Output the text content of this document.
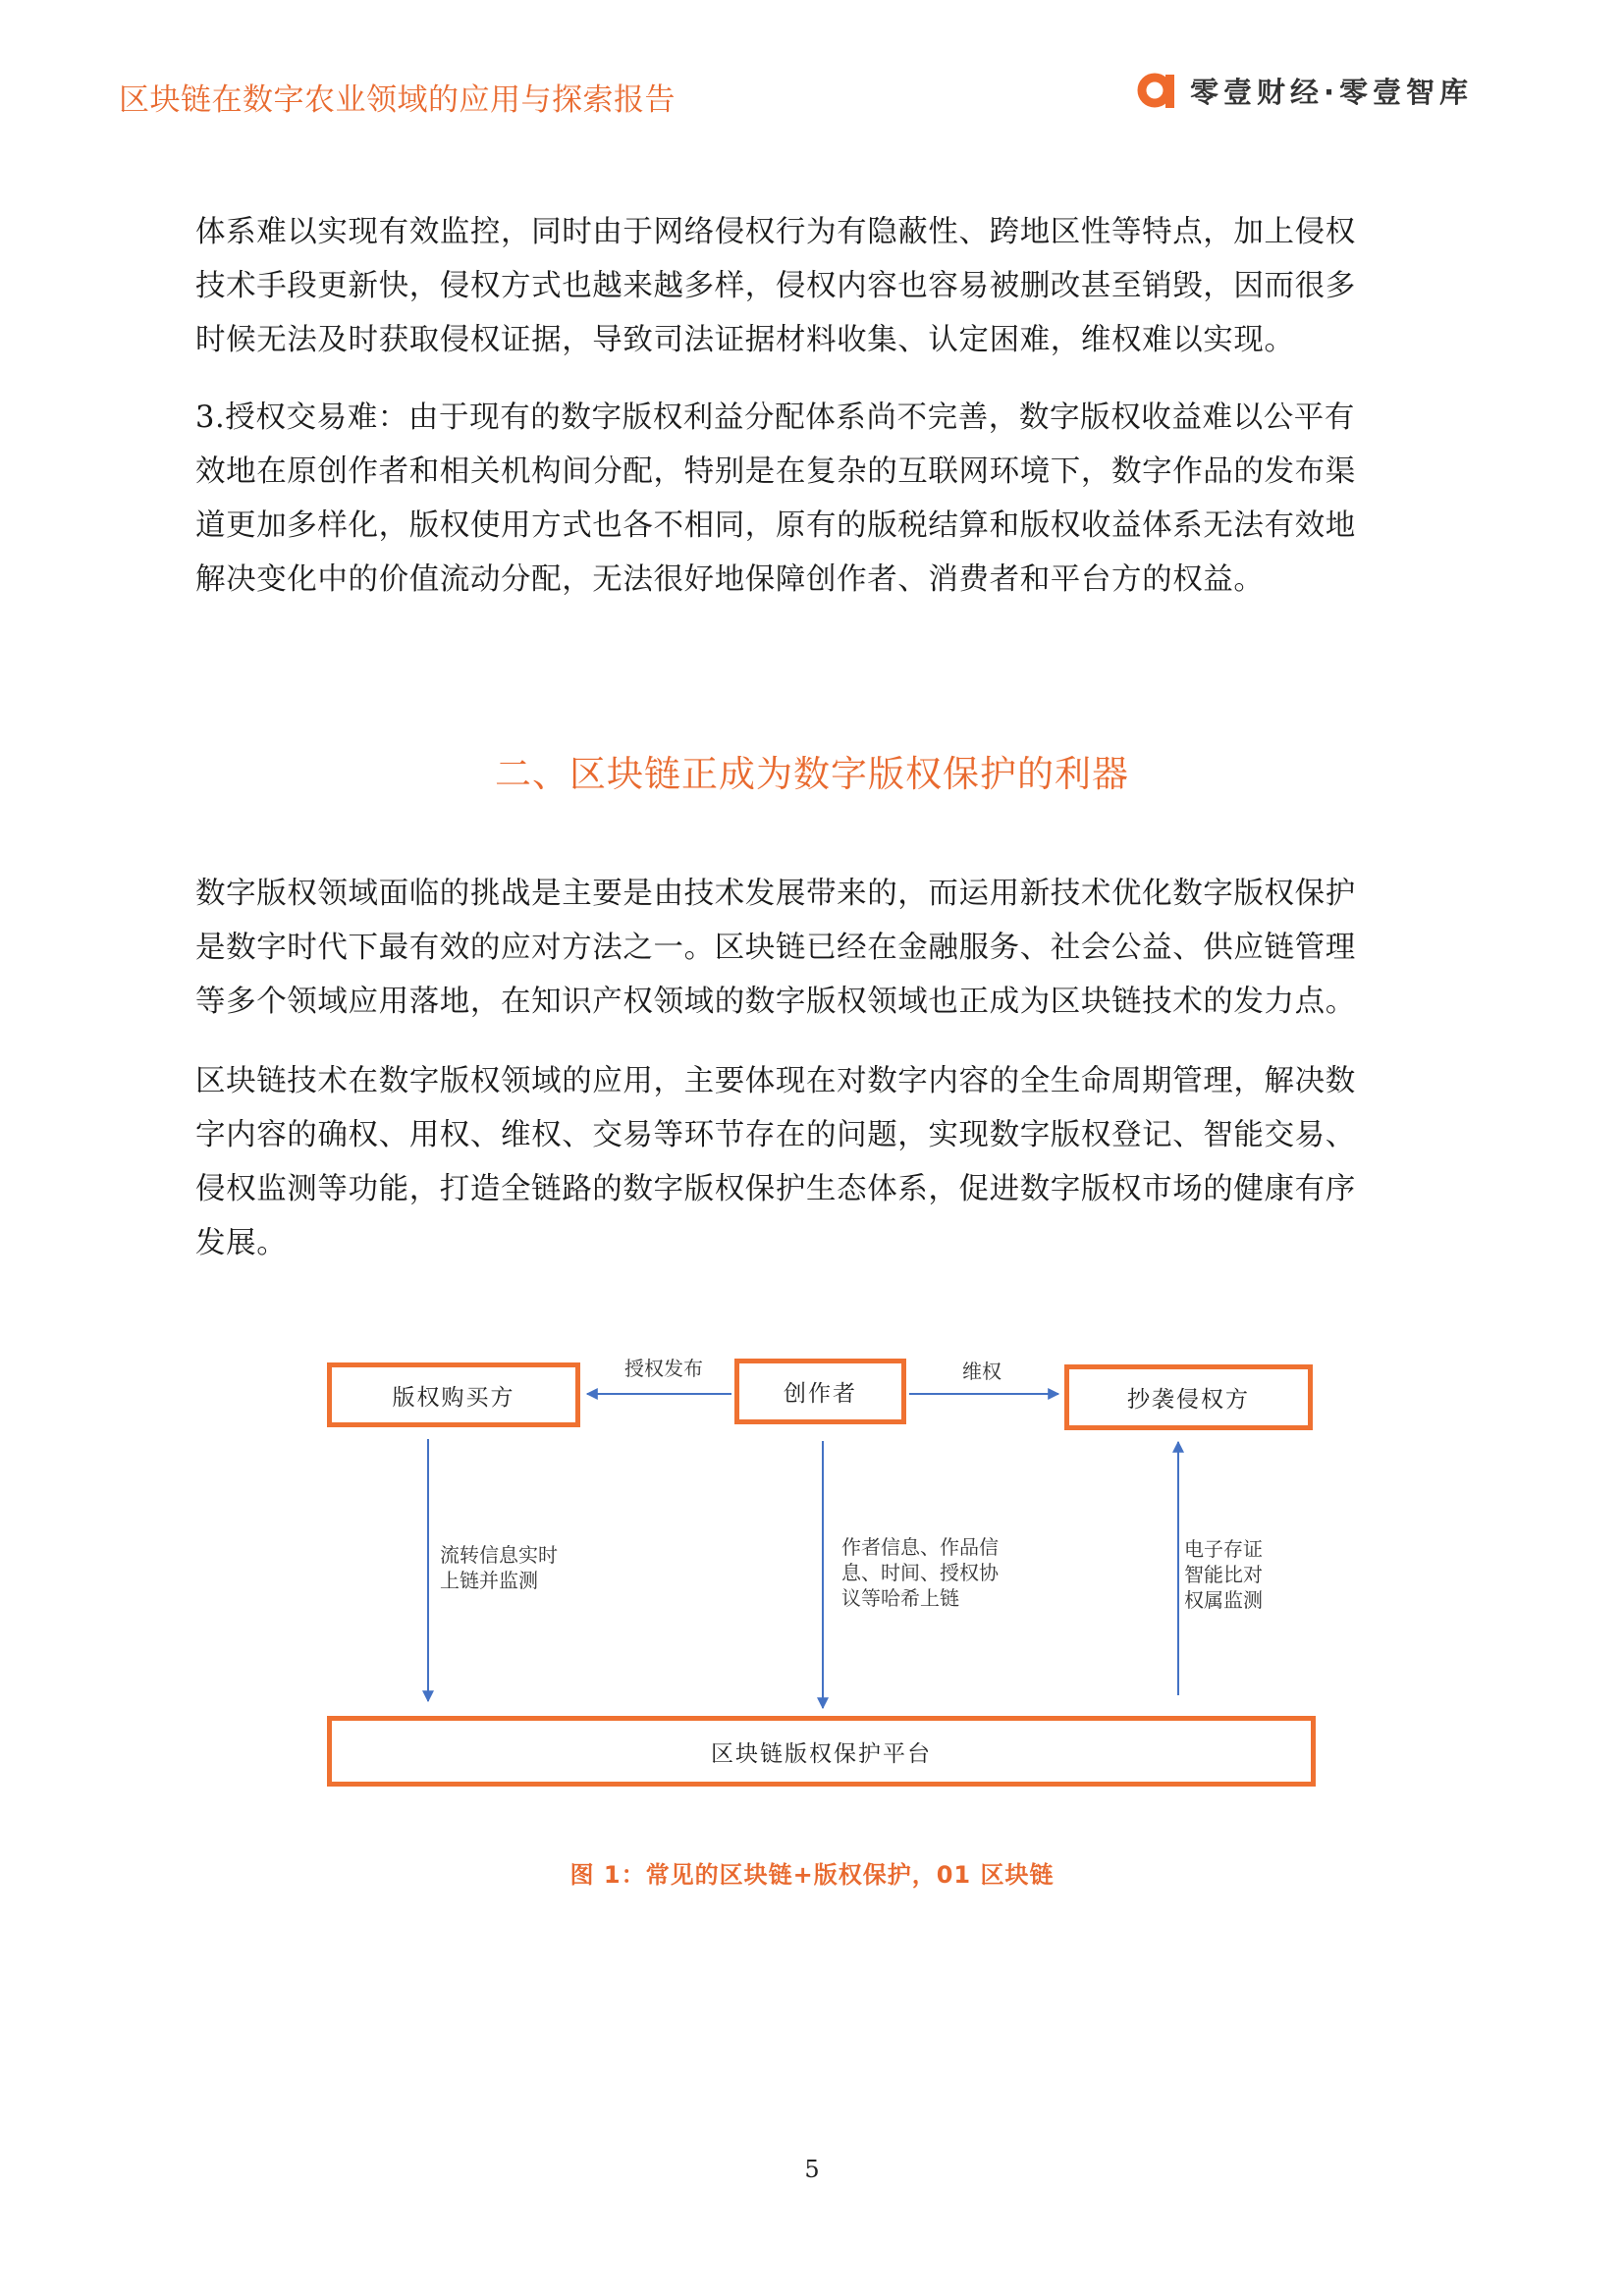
区块链在数字农业领域的应用与探索报告	零壹财经·零壹智库
体系难以实现有效监控，同时由于网络侵权行为有隐蔽性、跨地区性等特点，加上侵权
技术手段更新快，侵权方式也越来越多样，侵权内容也容易被删改甚至销毁，因而很多
时候无法及时获取侵权证据，导致司法证据材料收集、认定困难，维权难以实现。
3.授权交易难：由于现有的数字版权利益分配体系尚不完善，数字版权收益难以公平有
效地在原创作者和相关机构间分配，特别是在复杂的互联网环境下，数字作品的发布渠
道更加多样化，版权使用方式也各不相同，原有的版税结算和版权收益体系无法有效地
解决变化中的价值流动分配，无法很好地保障创作者、消费者和平台方的权益。
二、区块链正成为数字版权保护的利器
数字版权领域面临的挑战是主要是由技术发展带来的，而运用新技术优化数字版权保护
是数字时代下最有效的应对方法之一。区块链已经在金融服务、社会公益、供应链管理
等多个领域应用落地，在知识产权领域的数字版权领域也正成为区块链技术的发力点。
区块链技术在数字版权领域的应用，主要体现在对数字内容的全生命周期管理，解决数
字内容的确权、用权、维权、交易等环节存在的问题，实现数字版权登记、智能交易、
侵权监测等功能，打造全链路的数字版权保护生态体系，促进数字版权市场的健康有序
发展。
版权购买方	创作者	抄袭侵权方
区块链版权保护平台
授权发布	维权
流转信息实时
上链并监测
作者信息、作品信
息、时间、授权协
议等哈希上链
电子存证
智能比对
权属监测
图 1：常见的区块链+版权保护，01 区块链
5
